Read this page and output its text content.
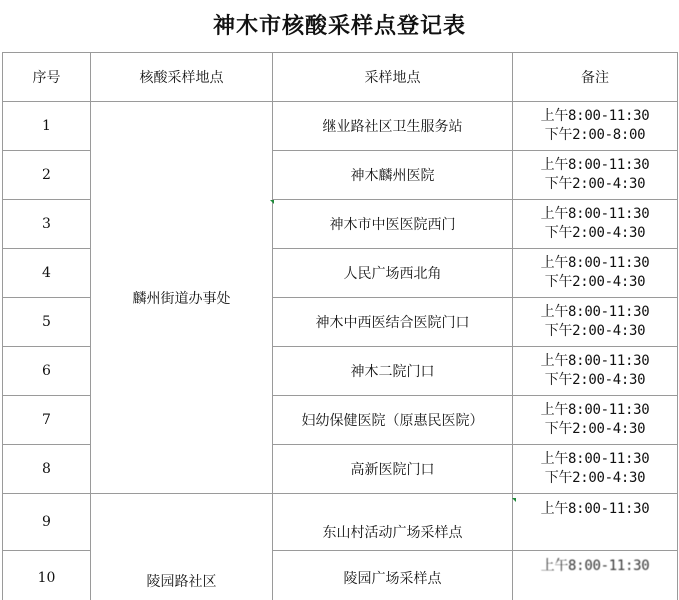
神木市核酸采样点登记表
序号	核酸采样地点	采样地点	备注
1	麟州街道办事处	继业路社区卫生服务站	上午8:00-11:30
下午2:00-8:00

2		神木麟州医院	上午8:00-11:30
下午2:00-4:30

3		神木市中医医院西门	上午8:00-11:30
下午2:00-4:30

4		人民广场西北角	上午8:00-11:30
下午2:00-4:30

5		神木中西医结合医院门口	上午8:00-11:30
下午2:00-4:30

6		神木二院门口	上午8:00-11:30
下午2:00-4:30

7		妇幼保健医院（原惠民医院）	上午8:00-11:30
下午2:00-4:30

8		高新医院门口	上午8:00-11:30
下午2:00-4:30

9	陵园路社区	东山村活动广场采样点	上午8:00-11:30

10		陵园广场采样点	上午8:00-11:30
